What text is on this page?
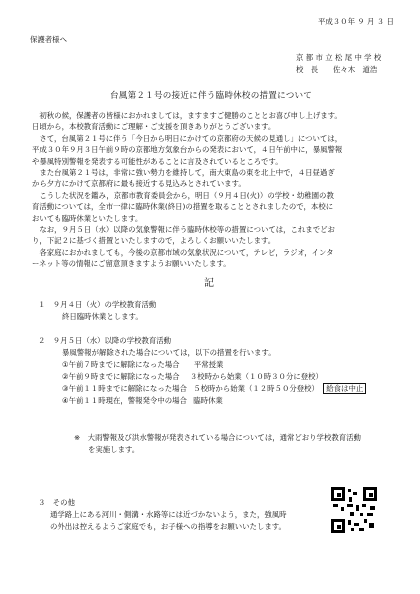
平成３０年 ９ 月 ３ 日
保護者様へ
京 都 市 立 松 尾 中 学 校
校　長　　佐々木　道浩
台風第２１号の接近に伴う臨時休校の措置について
　初秋の候，保護者の皆様におかれましては，ますますご健勝のこととお喜び申し上げます。
日頃から，本校教育活動にご理解・ご支援を頂きありがとうございます。
　さて，台風第２１号に伴う「今日から明日にかけての京都府の天候の見通し」については，
平成３０年９月３日午前９時の京都地方気象台からの発表において，４日午前中に，暴風警報
や暴風特別警報を発表する可能性があることに言及されているところです。
　また台風第２１号は，非常に強い勢力を維持して，南大東島の東を北上中で，４日昼過ぎ
から夕方にかけて京都府に最も接近する見込みとされています。
　こうした状況を鑑み，京都市教育委員会から，明日（９月４日(火)）の学校・幼稚園の教
育活動については，全市一律に臨時休業(終日)の措置を取ることとされましたので，本校に
おいても臨時休業といたします。
　なお，９月５日（水）以降の気象警報に伴う臨時休校等の措置については，これまでどお
り，下記２に基づく措置といたしますので，よろしくお願いいたします。
　各家庭におかれましても，今後の京都市域の気象状況について，テレビ，ラジオ，インタ
ーネット等の情報にご留意頂きますようお願いいたします。
記
１　９月４日（火）の学校教育活動
終日臨時休業とします。
２　９月５日（水）以降の学校教育活動
暴風警報が解除された場合については，以下の措置を行います。
①午前７時までに解除になった場合 平常授業
②午前９時までに解除になった場合 ３校時から始業（１０時３０分に登校）
③午前１１時までに解除になった場合 ５校時から始業（１２時５０分登校） 給食は中止
④午前１１時現在，警報発令中の場合 臨時休業
※　大雨警報及び洪水警報が発表されている場合については，通常どおり学校教育活動
を実施します。
３　その他
通学路上にある河川・側溝・水路等には近づかないよう，また，強風時
の外出は控えるようご家庭でも，お子様への指導をお願いいたします。
